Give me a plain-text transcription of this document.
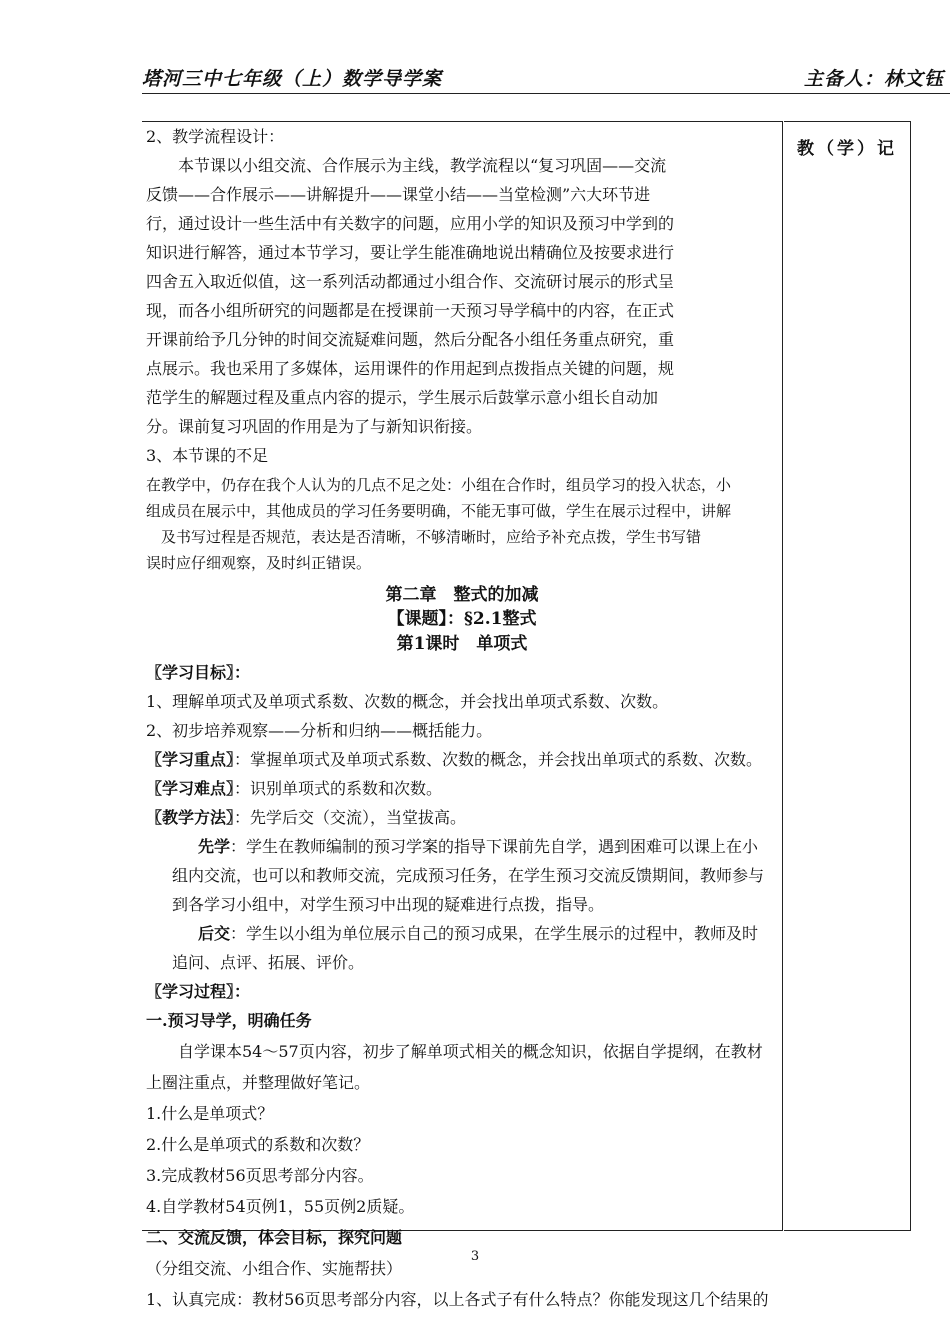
塔河三中七年级（上）数学导学案	主备人：林文钰
教（学）记
2、教学流程设计：
　　本节课以小组交流、合作展示为主线，教学流程以“复习巩固——交流
反馈——合作展示——讲解提升——课堂小结——当堂检测”六大环节进
行，通过设计一些生活中有关数字的问题，应用小学的知识及预习中学到的
知识进行解答，通过本节学习，要让学生能准确地说出精确位及按要求进行
四舍五入取近似值，这一系列活动都通过小组合作、交流研讨展示的形式呈
现，而各小组所研究的问题都是在授课前一天预习导学稿中的内容，在正式
开课前给予几分钟的时间交流疑难问题，然后分配各小组任务重点研究，重
点展示。我也采用了多媒体，运用课件的作用起到点拨指点关键的问题，规
范学生的解题过程及重点内容的提示，学生展示后鼓掌示意小组长自动加
分。课前复习巩固的作用是为了与新知识衔接。
3、本节课的不足
在教学中，仍存在我个人认为的几点不足之处：小组在合作时，组员学习的投入状态，小
组成员在展示中，其他成员的学习任务要明确，不能无事可做，学生在展示过程中，讲解
　及书写过程是否规范，表达是否清晰，不够清晰时，应给予补充点拨，学生书写错
误时应仔细观察，及时纠正错误。
第二章　整式的加减
【课题】：§2.1整式
第1课时　单项式
〖学习目标〗：
1、理解单项式及单项式系数、次数的概念，并会找出单项式系数、次数。
2、初步培养观察——分析和归纳——概括能力。
〖学习重点〗：掌握单项式及单项式系数、次数的概念，并会找出单项式的系数、次数。
〖学习难点〗：识别单项式的系数和次数。
〖教学方法〗：先学后交（交流），当堂拔高。
先学：学生在教师编制的预习学案的指导下课前先自学，遇到困难可以课上在小
组内交流，也可以和教师交流，完成预习任务，在学生预习交流反馈期间，教师参与
到各学习小组中，对学生预习中出现的疑难进行点拨，指导。
后交：学生以小组为单位展示自己的预习成果，在学生展示的过程中，教师及时
追问、点评、拓展、评价。
〖学习过程〗：
一.预习导学，明确任务
　　自学课本54～57页内容，初步了解单项式相关的概念知识，依据自学提纲，在教材
上圈注重点，并整理做好笔记。
1.什么是单项式？
2.什么是单项式的系数和次数？
3.完成教材56页思考部分内容。
4.自学教材54页例1，55页例2质疑。
二、交流反馈，体会目标，探究问题
（分组交流、小组合作、实施帮扶）
1、认真完成：教材56页思考部分内容，以上各式子有什么特点？你能发现这几个结果的
3
